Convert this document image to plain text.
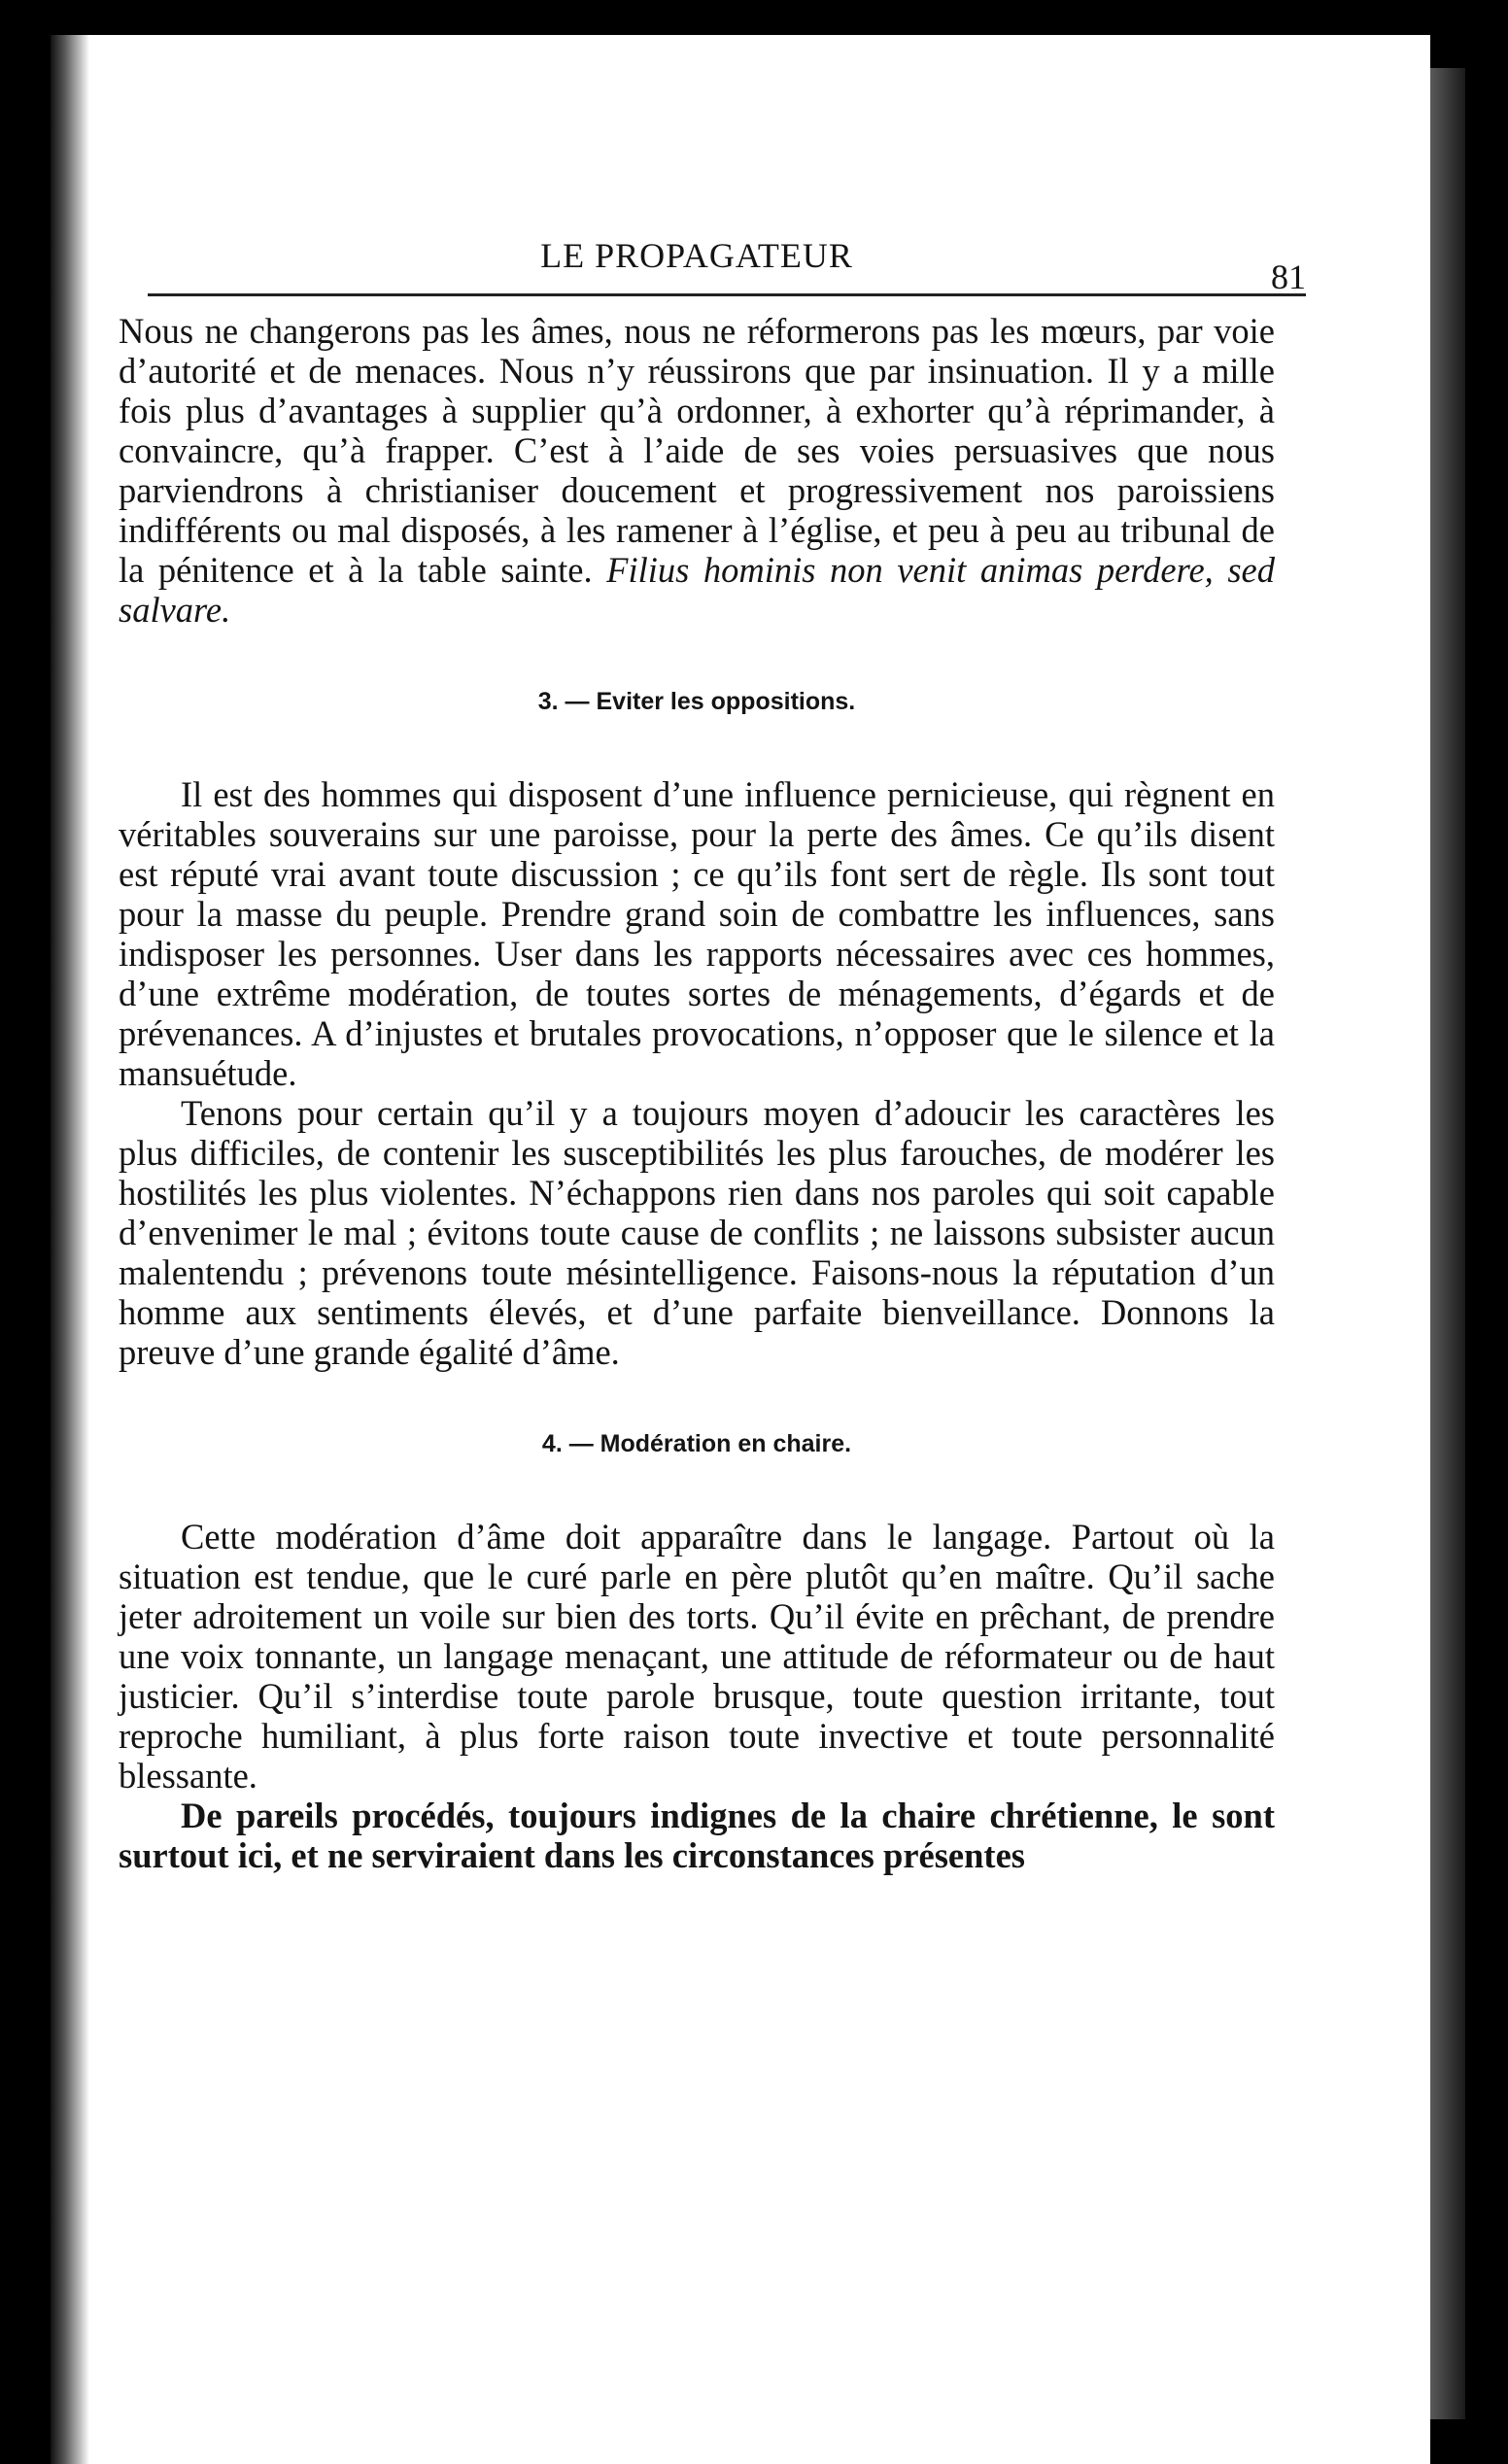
LE PROPAGATEUR
81

Nous ne changerons pas les âmes, nous ne réformerons pas les mœurs, par voie d’autorité et de menaces. Nous n’y réussirons que par insinuation. Il y a mille fois plus d’avantages à supplier qu’à ordonner, à exhorter qu’à réprimander, à convaincre, qu’à frapper. C’est à l’aide de ses voies persuasives que nous parviendrons à christianiser doucement et progressivement nos paroissiens indifférents ou mal disposés, à les ramener à l’église, et peu à peu au tribunal de la pénitence et à la table sainte. Filius hominis non venit animas perdere, sed salvare.

3. — Eviter les oppositions.

Il est des hommes qui disposent d’une influence pernicieuse, qui règnent en véritables souverains sur une paroisse, pour la perte des âmes. Ce qu’ils disent est réputé vrai avant toute discussion ; ce qu’ils font sert de règle. Ils sont tout pour la masse du peuple. Prendre grand soin de combattre les influences, sans indisposer les personnes. User dans les rapports nécessaires avec ces hommes, d’une extrême modération, de toutes sortes de ménagements, d’égards et de prévenances. A d’injustes et brutales provocations, n’opposer que le silence et la mansuétude.

Tenons pour certain qu’il y a toujours moyen d’adoucir les caractères les plus difficiles, de contenir les susceptibilités les plus farouches, de modérer les hostilités les plus violentes. N’échappons rien dans nos paroles qui soit capable d’envenimer le mal ; évitons toute cause de conflits ; ne laissons subsister aucun malentendu ; prévenons toute mésintelligence. Faisons-nous la réputation d’un homme aux sentiments élevés, et d’une parfaite bienveillance. Donnons la preuve d’une grande égalité d’âme.

4. — Modération en chaire.

Cette modération d’âme doit apparaître dans le langage. Partout où la situation est tendue, que le curé parle en père plutôt qu’en maître. Qu’il sache jeter adroitement un voile sur bien des torts. Qu’il évite en prêchant, de prendre une voix tonnante, un langage menaçant, une attitude de réformateur ou de haut justicier. Qu’il s’interdise toute parole brusque, toute question irritante, tout reproche humiliant, à plus forte raison toute invective et toute personnalité blessante.

De pareils procédés, toujours indignes de la chaire chrétienne, le sont surtout ici, et ne serviraient dans les circonstances présentes
